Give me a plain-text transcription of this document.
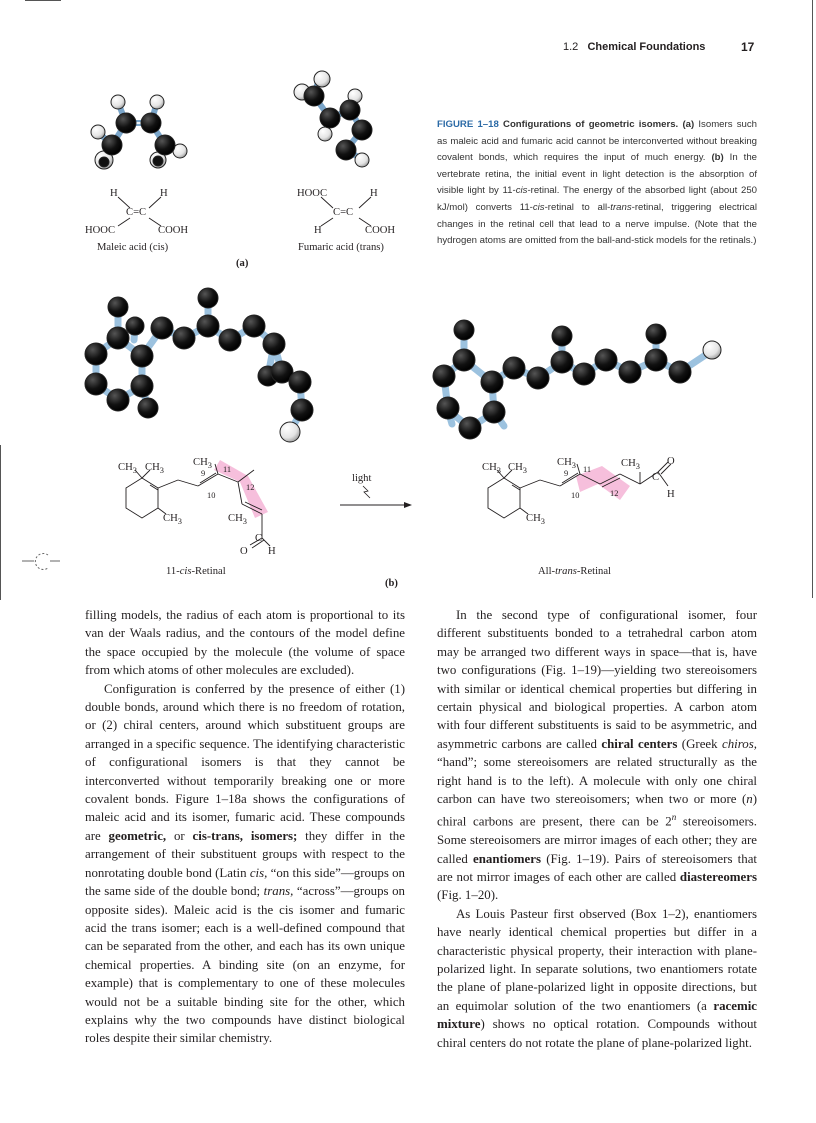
1.2 Chemical Foundations	17
FIGURE 1–18 Configurations of geometric isomers. (a) Isomers such as maleic acid and fumaric acid cannot be interconverted without breaking covalent bonds, which requires the input of much energy. (b) In the vertebrate retina, the initial event in light detection is the absorption of visible light by 11-cis-retinal. The energy of the absorbed light (about 250 kJ/mol) converts 11-cis-retinal to all-trans-retinal, triggering electrical changes in the retinal cell that lead to a nerve impulse. (Note that the hydrogen atoms are omitted from the ball-and-stick models for the retinals.)
H	H
C=C
HOOC	COOH
Maleic acid (cis)
HOOC	H
C=C
H	COOH
Fumaric acid (trans)
(a)
$CH_3$ $CH_3$
$CH_3$
$CH_3$	$CH_3$
9
10
11
12
O H
C
light
$CH_3$ $CH_3$
$CH_3$	$CH_3$
$CH_3$
9
10
11
12
O
H
C
11-cis-Retinal	All-trans-Retinal
(b)

filling models, the radius of each atom is proportional to its van der Waals radius, and the contours of the model define the space occupied by the molecule (the volume of space from which atoms of other molecules are excluded).

Configuration is conferred by the presence of either (1) double bonds, around which there is no freedom of rotation, or (2) chiral centers, around which substituent groups are arranged in a specific sequence. The identifying characteristic of configurational isomers is that they cannot be interconverted without temporarily breaking one or more covalent bonds. Figure 1–18a shows the configurations of maleic acid and its isomer, fumaric acid. These compounds are geometric, or cis-trans, isomers; they differ in the arrangement of their substituent groups with respect to the nonrotating double bond (Latin cis, “on this side”—groups on the same side of the double bond; trans, “across”—groups on opposite sides). Maleic acid is the cis isomer and fumaric acid the trans isomer; each is a well-defined compound that can be separated from the other, and each has its own unique chemical properties. A binding site (on an enzyme, for example) that is complementary to one of these molecules would not be a suitable binding site for the other, which explains why the two compounds have distinct biological roles despite their similar chemistry.

In the second type of configurational isomer, four different substituents bonded to a tetrahedral carbon atom may be arranged two different ways in space—that is, have two configurations (Fig. 1–19)—yielding two stereoisomers with similar or identical chemical properties but differing in certain physical and biological properties. A carbon atom with four different substituents is said to be asymmetric, and asymmetric carbons are called chiral centers (Greek chiros, “hand”; some stereoisomers are related structurally as the right hand is to the left). A molecule with only one chiral carbon can have two stereoisomers; when two or more (n) chiral carbons are present, there can be 2$^n$ stereoisomers. Some stereoisomers are mirror images of each other; they are called enantiomers (Fig. 1–19). Pairs of stereoisomers that are not mirror images of each other are called diastereomers (Fig. 1–20).

As Louis Pasteur first observed (Box 1–2), enantiomers have nearly identical chemical properties but differ in a characteristic physical property, their interaction with plane-polarized light. In separate solutions, two enantiomers rotate the plane of plane-polarized light in opposite directions, but an equimolar solution of the two enantiomers (a racemic mixture) shows no optical rotation. Compounds without chiral centers do not rotate the plane of plane-polarized light.
